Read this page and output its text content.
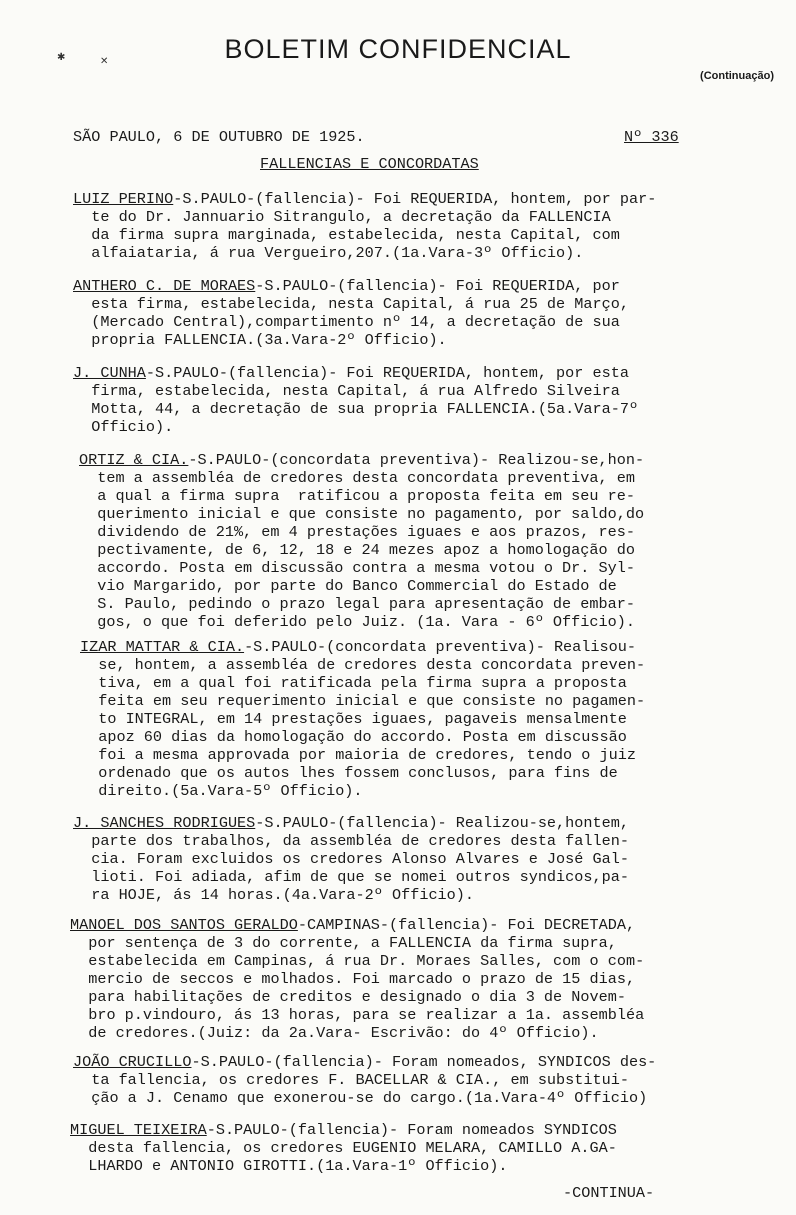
✱	✕	BOLETIM CONFIDENCIAL
(Continuação)
SÃO PAULO, 6 DE OUTUBRO DE 1925.	Nº 336
FALLENCIAS E CONCORDATAS
LUIZ PERINO-S.PAULO-(fallencia)- Foi REQUERIDA, hontem, por par-
te do Dr. Jannuario Sitrangulo, a decretação da FALLENCIA
da firma supra marginada, estabelecida, nesta Capital, com
alfaiataria, á rua Vergueiro,207.(1a.Vara-3º Officio).
ANTHERO C. DE MORAES-S.PAULO-(fallencia)- Foi REQUERIDA, por
esta firma, estabelecida, nesta Capital, á rua 25 de Março,
(Mercado Central),compartimento nº 14, a decretação de sua
propria FALLENCIA.(3a.Vara-2º Officio).
J. CUNHA-S.PAULO-(fallencia)- Foi REQUERIDA, hontem, por esta
firma, estabelecida, nesta Capital, á rua Alfredo Silveira
Motta, 44, a decretação de sua propria FALLENCIA.(5a.Vara-7º
Officio).
ORTIZ & CIA.-S.PAULO-(concordata preventiva)- Realizou-se,hon-
tem a assembléa de credores desta concordata preventiva, em
a qual a firma supra  ratificou a proposta feita em seu re-
querimento inicial e que consiste no pagamento, por saldo,do
dividendo de 21%, em 4 prestações iguaes e aos prazos, res-
pectivamente, de 6, 12, 18 e 24 mezes apoz a homologação do
accordo. Posta em discussão contra a mesma votou o Dr. Syl-
vio Margarido, por parte do Banco Commercial do Estado de
S. Paulo, pedindo o prazo legal para apresentação de embar-
gos, o que foi deferido pelo Juiz. (1a. Vara - 6º Officio).
IZAR MATTAR & CIA.-S.PAULO-(concordata preventiva)- Realisou-
se, hontem, a assembléa de credores desta concordata preven-
tiva, em a qual foi ratificada pela firma supra a proposta
feita em seu requerimento inicial e que consiste no pagamen-
to INTEGRAL, em 14 prestações iguaes, pagaveis mensalmente
apoz 60 dias da homologação do accordo. Posta em discussão
foi a mesma approvada por maioria de credores, tendo o juiz
ordenado que os autos lhes fossem conclusos, para fins de
direito.(5a.Vara-5º Officio).
J. SANCHES RODRIGUES-S.PAULO-(fallencia)- Realizou-se,hontem,
parte dos trabalhos, da assembléa de credores desta fallen-
cia. Foram excluidos os credores Alonso Alvares e José Gal-
lioti. Foi adiada, afim de que se nomei outros syndicos,pa-
ra HOJE, ás 14 horas.(4a.Vara-2º Officio).
MANOEL DOS SANTOS GERALDO-CAMPINAS-(fallencia)- Foi DECRETADA,
por sentença de 3 do corrente, a FALLENCIA da firma supra,
estabelecida em Campinas, á rua Dr. Moraes Salles, com o com-
mercio de seccos e molhados. Foi marcado o prazo de 15 dias,
para habilitações de creditos e designado o dia 3 de Novem-
bro p.vindouro, ás 13 horas, para se realizar a 1a. assembléa
de credores.(Juiz: da 2a.Vara- Escrivão: do 4º Officio).
JOÃO CRUCILLO-S.PAULO-(fallencia)- Foram nomeados, SYNDICOS des-
ta fallencia, os credores F. BACELLAR & CIA., em substitui-
ção a J. Cenamo que exonerou-se do cargo.(1a.Vara-4º Officio)
MIGUEL TEIXEIRA-S.PAULO-(fallencia)- Foram nomeados SYNDICOS
desta fallencia, os credores EUGENIO MELARA, CAMILLO A.GA-
LHARDO e ANTONIO GIROTTI.(1a.Vara-1º Officio).
-CONTINUA-
